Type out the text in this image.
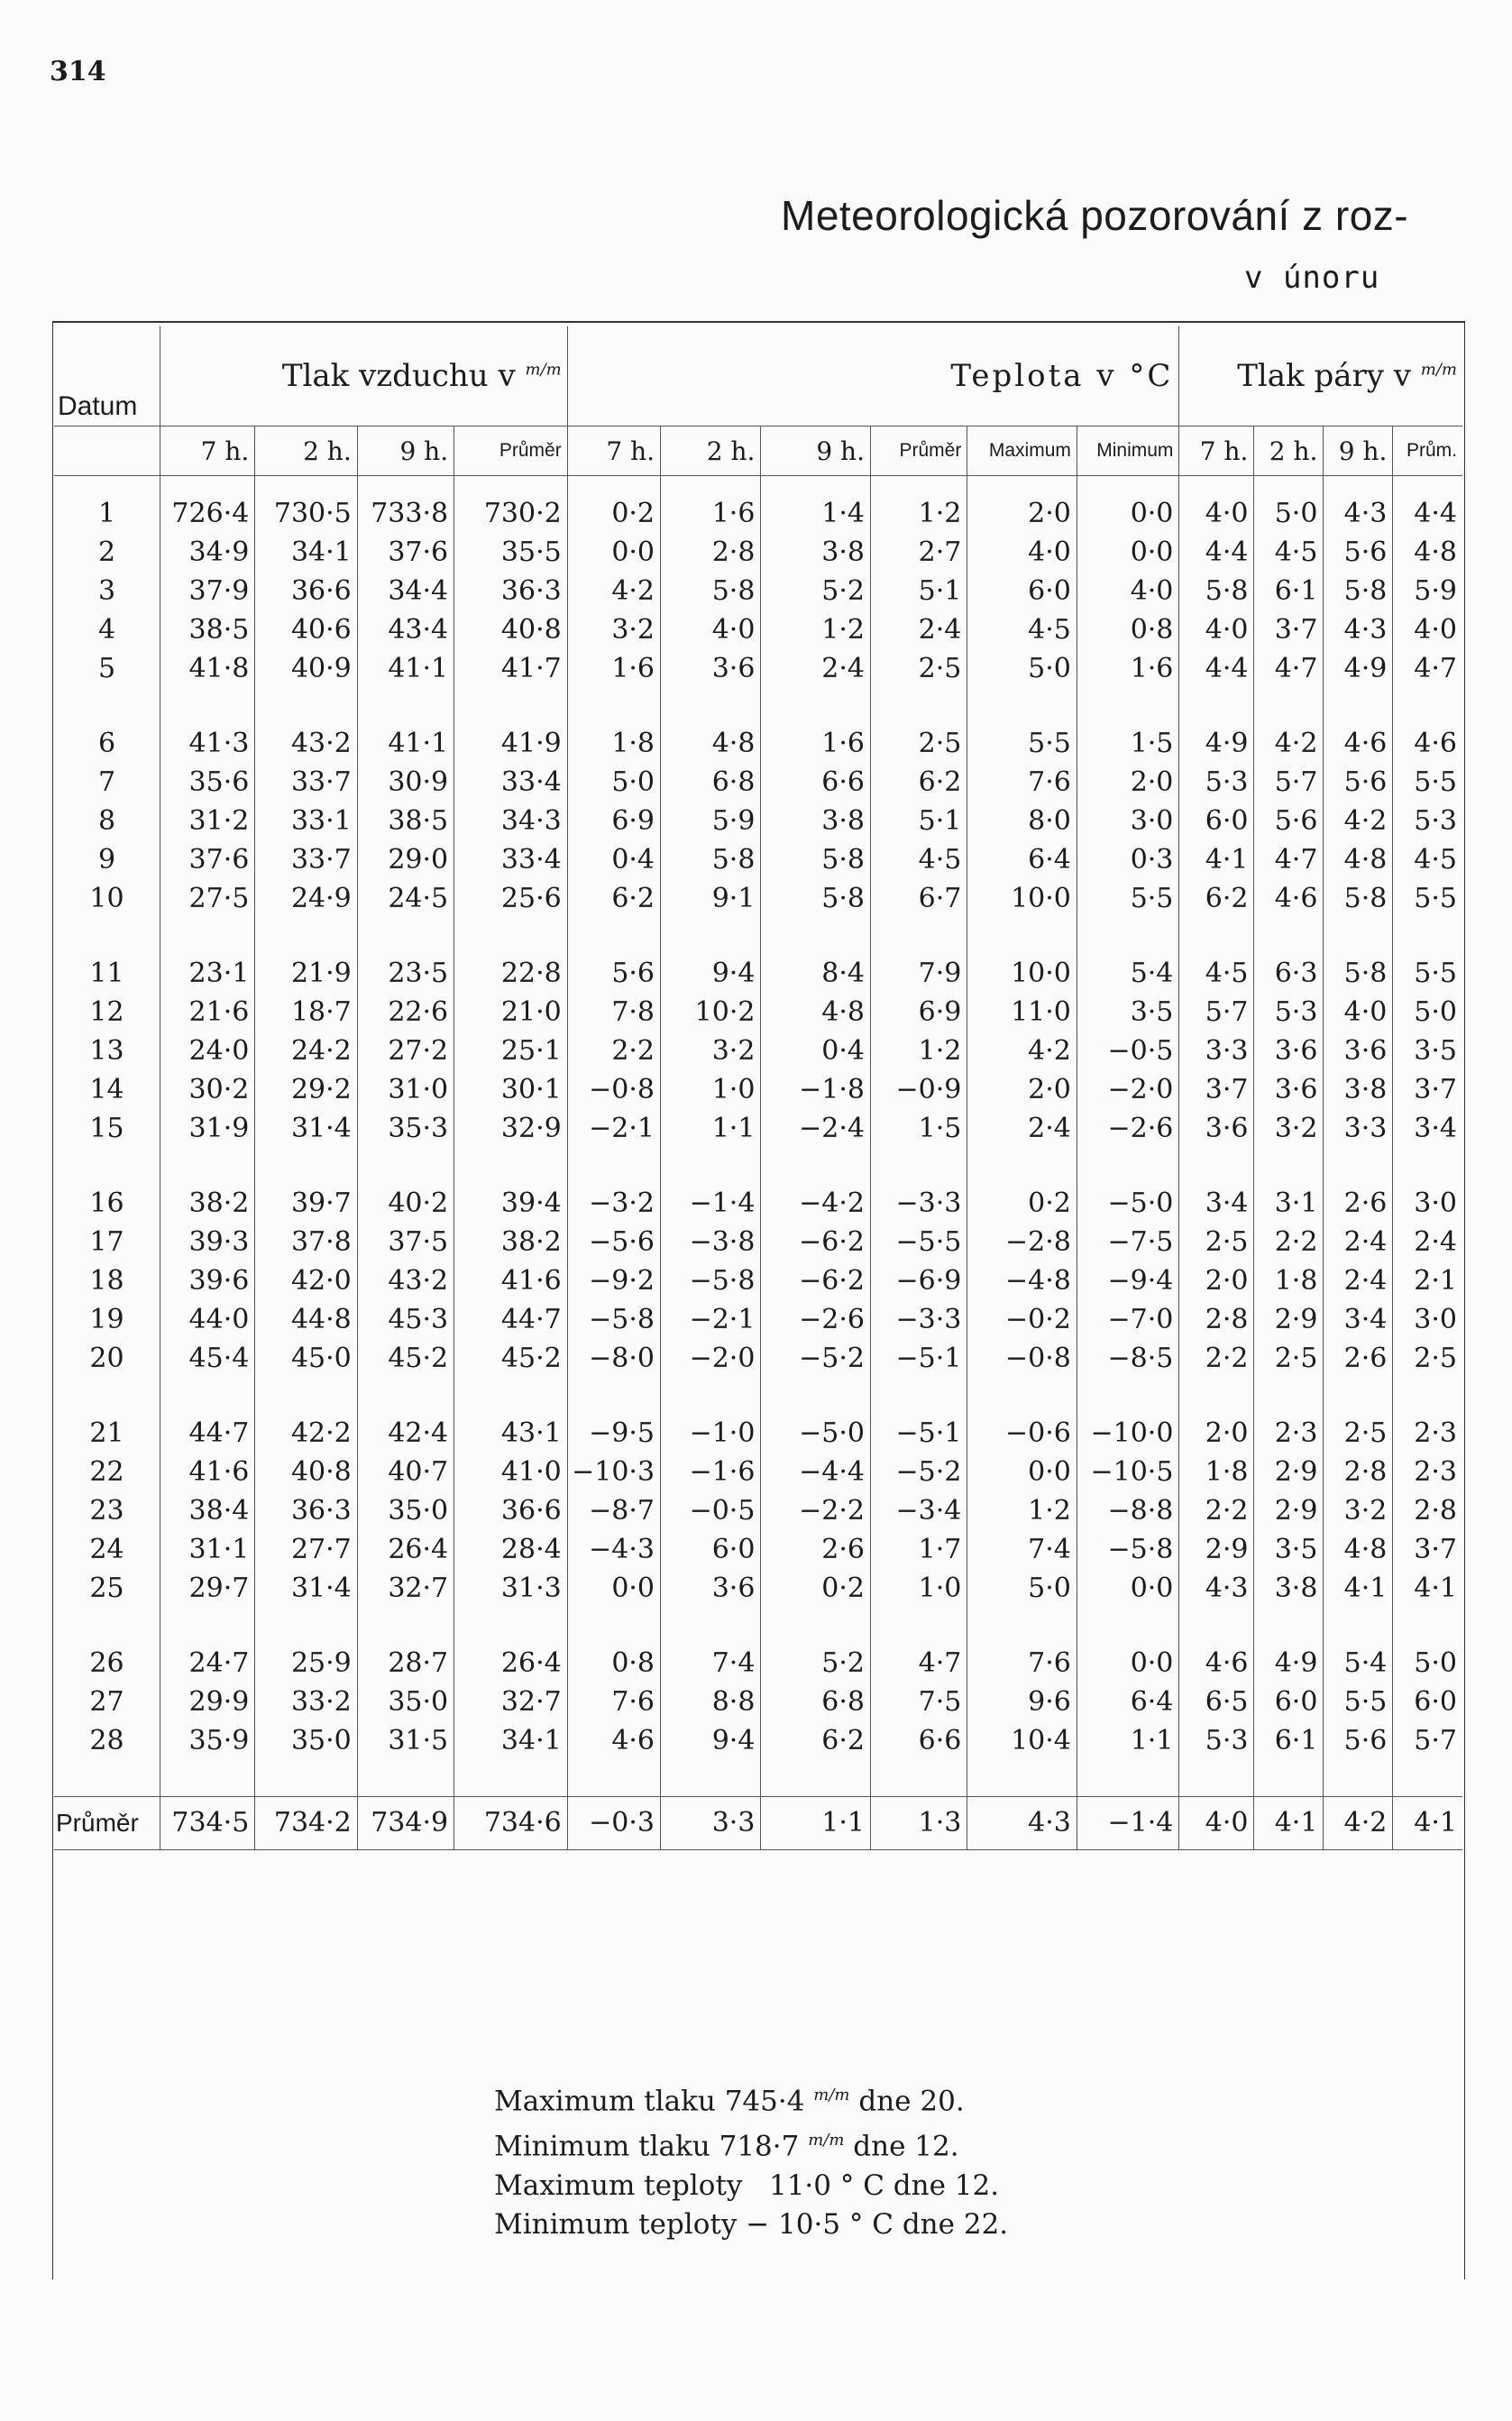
314
Meteorologická pozorování z roz-
v únoru
Datum	Tlak vzduchu v $^{m/m}$				Teplota v °C						Tlak páry v $^{m/m}$
	7 h.	2 h.	9 h.	Průměr	7 h.	2 h.	9 h.	Průměr	Maximum	Minimum	7 h.	2 h.	9 h.	Prům.

1	726·4	730·5	733·8	730·2	0·2	1·6	1·4	1·2	2·0	0·0	4·0	5·0	4·3	4·4
2	34·9	34·1	37·6	35·5	0·0	2·8	3·8	2·7	4·0	0·0	4·4	4·5	5·6	4·8
3	37·9	36·6	34·4	36·3	4·2	5·8	5·2	5·1	6·0	4·0	5·8	6·1	5·8	5·9
4	38·5	40·6	43·4	40·8	3·2	4·0	1·2	2·4	4·5	0·8	4·0	3·7	4·3	4·0
5	41·8	40·9	41·1	41·7	1·6	3·6	2·4	2·5	5·0	1·6	4·4	4·7	4·9	4·7

6	41·3	43·2	41·1	41·9	1·8	4·8	1·6	2·5	5·5	1·5	4·9	4·2	4·6	4·6
7	35·6	33·7	30·9	33·4	5·0	6·8	6·6	6·2	7·6	2·0	5·3	5·7	5·6	5·5
8	31·2	33·1	38·5	34·3	6·9	5·9	3·8	5·1	8·0	3·0	6·0	5·6	4·2	5·3
9	37·6	33·7	29·0	33·4	0·4	5·8	5·8	4·5	6·4	0·3	4·1	4·7	4·8	4·5
10	27·5	24·9	24·5	25·6	6·2	9·1	5·8	6·7	10·0	5·5	6·2	4·6	5·8	5·5

11	23·1	21·9	23·5	22·8	5·6	9·4	8·4	7·9	10·0	5·4	4·5	6·3	5·8	5·5
12	21·6	18·7	22·6	21·0	7·8	10·2	4·8	6·9	11·0	3·5	5·7	5·3	4·0	5·0
13	24·0	24·2	27·2	25·1	2·2	3·2	0·4	1·2	4·2	−0·5	3·3	3·6	3·6	3·5
14	30·2	29·2	31·0	30·1	−0·8	1·0	−1·8	−0·9	2·0	−2·0	3·7	3·6	3·8	3·7
15	31·9	31·4	35·3	32·9	−2·1	1·1	−2·4	1·5	2·4	−2·6	3·6	3·2	3·3	3·4

16	38·2	39·7	40·2	39·4	−3·2	−1·4	−4·2	−3·3	0·2	−5·0	3·4	3·1	2·6	3·0
17	39·3	37·8	37·5	38·2	−5·6	−3·8	−6·2	−5·5	−2·8	−7·5	2·5	2·2	2·4	2·4
18	39·6	42·0	43·2	41·6	−9·2	−5·8	−6·2	−6·9	−4·8	−9·4	2·0	1·8	2·4	2·1
19	44·0	44·8	45·3	44·7	−5·8	−2·1	−2·6	−3·3	−0·2	−7·0	2·8	2·9	3·4	3·0
20	45·4	45·0	45·2	45·2	−8·0	−2·0	−5·2	−5·1	−0·8	−8·5	2·2	2·5	2·6	2·5

21	44·7	42·2	42·4	43·1	−9·5	−1·0	−5·0	−5·1	−0·6	−10·0	2·0	2·3	2·5	2·3
22	41·6	40·8	40·7	41·0	−10·3	−1·6	−4·4	−5·2	0·0	−10·5	1·8	2·9	2·8	2·3
23	38·4	36·3	35·0	36·6	−8·7	−0·5	−2·2	−3·4	1·2	−8·8	2·2	2·9	3·2	2·8
24	31·1	27·7	26·4	28·4	−4·3	6·0	2·6	1·7	7·4	−5·8	2·9	3·5	4·8	3·7
25	29·7	31·4	32·7	31·3	0·0	3·6	0·2	1·0	5·0	0·0	4·3	3·8	4·1	4·1

26	24·7	25·9	28·7	26·4	0·8	7·4	5·2	4·7	7·6	0·0	4·6	4·9	5·4	5·0
27	29·9	33·2	35·0	32·7	7·6	8·8	6·8	7·5	9·6	6·4	6·5	6·0	5·5	6·0
28	35·9	35·0	31·5	34·1	4·6	9·4	6·2	6·6	10·4	1·1	5·3	6·1	5·6	5·7

Průměr	734·5	734·2	734·9	734·6	−0·3	3·3	1·1	1·3	4·3	−1·4	4·0	4·1	4·2	4·1
Maximum tlaku 745·4 $^{m/m}$ dne 20.
Minimum tlaku 718·7 $^{m/m}$ dne 12.
Maximum teploty   11·0 ° C dne 12.
Minimum teploty − 10·5 ° C dne 22.
